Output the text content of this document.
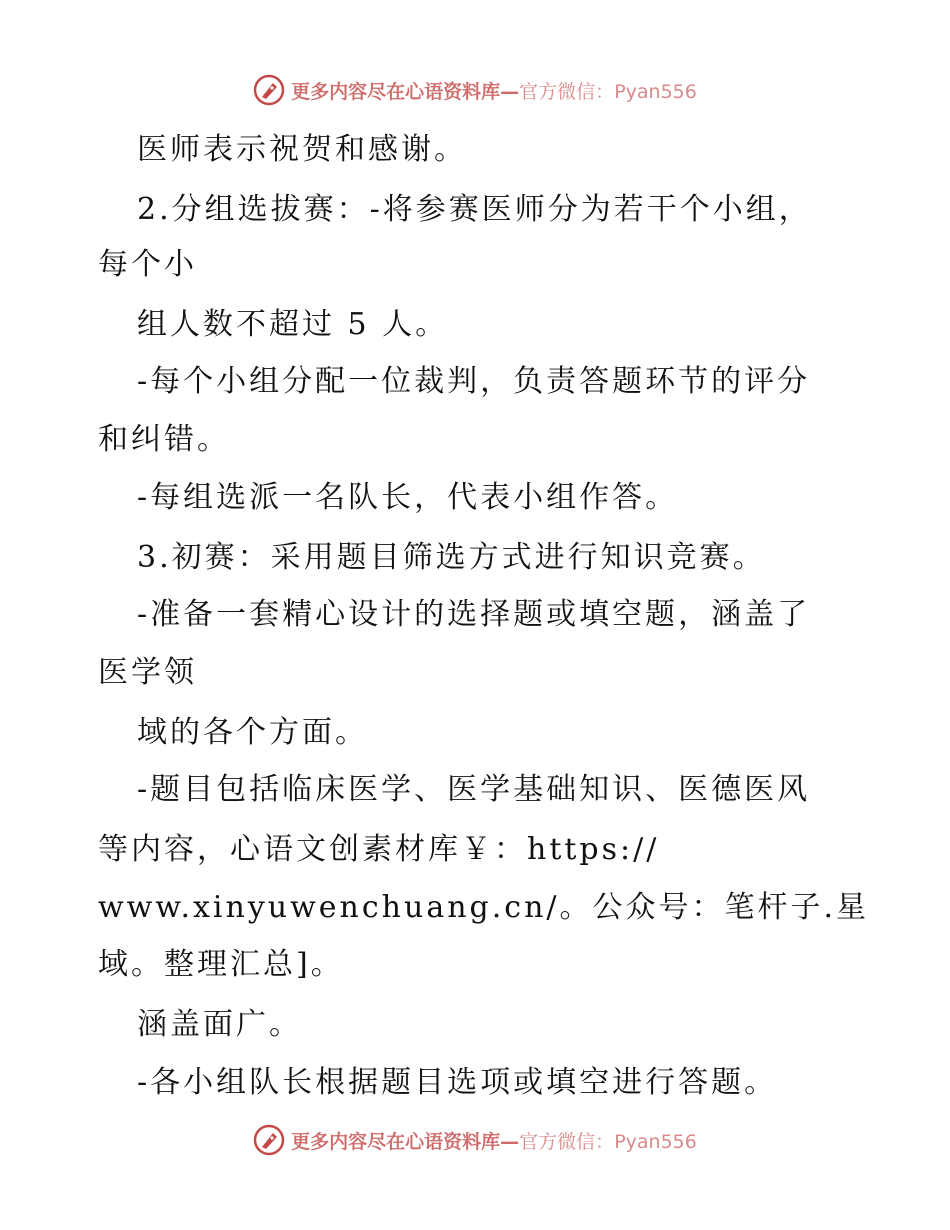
更多内容尽在心语资料库—官方微信：Pyan556
医师表示祝贺和感谢。
2.分组选拔赛：-将参赛医师分为若干个小组，
每个小
组人数不超过 5 人。
-每个小组分配一位裁判，负责答题环节的评分
和纠错。
-每组选派一名队长，代表小组作答。
3.初赛：采用题目筛选方式进行知识竞赛。
-准备一套精心设计的选择题或填空题，涵盖了
医学领
域的各个方面。
-题目包括临床医学、医学基础知识、医德医风
等内容，心语文创素材库￥：https://
www.xinyuwenchuang.cn/。公众号：笔杆子.星
域。整理汇总]。
涵盖面广。
-各小组队长根据题目选项或填空进行答题。
更多内容尽在心语资料库—官方微信：Pyan556
